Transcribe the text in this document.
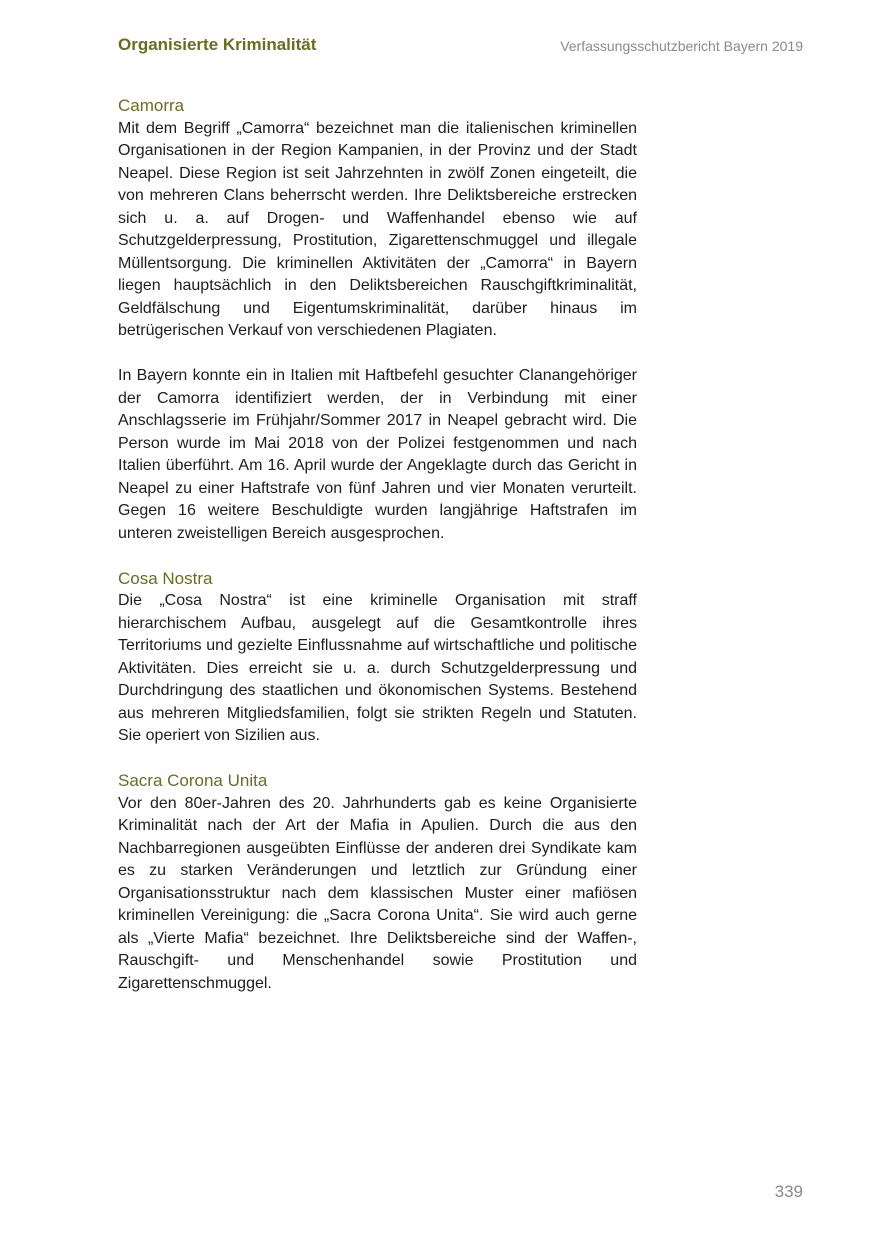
Organisierte Kriminalität	Verfassungsschutzbericht Bayern 2019
Camorra

Mit dem Begriff „Camorra“ bezeichnet man die italienischen kriminellen Organisationen in der Region Kampanien, in der Provinz und der Stadt Neapel. Diese Region ist seit Jahrzehnten in zwölf Zonen eingeteilt, die von mehreren Clans beherrscht werden. Ihre Deliktsbereiche erstrecken sich u. a. auf Drogen- und Waffenhandel ebenso wie auf Schutzgelderpressung, Prostitution, Zigarettenschmuggel und illegale Müllentsorgung. Die kriminellen Aktivitäten der „Camorra“ in Bayern liegen hauptsächlich in den Deliktsbereichen Rauschgiftkriminalität, Geldfälschung und Eigentumskriminalität, darüber hinaus im betrügerischen Verkauf von verschiedenen Plagiaten.

In Bayern konnte ein in Italien mit Haftbefehl gesuchter Clanangehöriger der Camorra identifiziert werden, der in Verbindung mit einer Anschlagsserie im Frühjahr/Sommer 2017 in Neapel gebracht wird. Die Person wurde im Mai 2018 von der Polizei festgenommen und nach Italien überführt. Am 16. April wurde der Angeklagte durch das Gericht in Neapel zu einer Haftstrafe von fünf Jahren und vier Monaten verurteilt. Gegen 16 weitere Beschuldigte wurden langjährige Haftstrafen im unteren zweistelligen Bereich ausgesprochen.

Cosa Nostra

Die „Cosa Nostra“ ist eine kriminelle Organisation mit straff hierarchischem Aufbau, ausgelegt auf die Gesamtkontrolle ihres Territoriums und gezielte Einflussnahme auf wirtschaftliche und politische Aktivitäten. Dies erreicht sie u. a. durch Schutzgelderpressung und Durchdringung des staatlichen und ökonomischen Systems. Bestehend aus mehreren Mitgliedsfamilien, folgt sie strikten Regeln und Statuten. Sie operiert von Sizilien aus.

Sacra Corona Unita

Vor den 80er-Jahren des 20. Jahrhunderts gab es keine Organisierte Kriminalität nach der Art der Mafia in Apulien. Durch die aus den Nachbarregionen ausgeübten Einflüsse der anderen drei Syndikate kam es zu starken Veränderungen und letztlich zur Gründung einer Organisationsstruktur nach dem klassischen Muster einer mafiösen kriminellen Vereinigung: die „Sacra Corona Unita“. Sie wird auch gerne als „Vierte Mafia“ bezeichnet. Ihre Deliktsbereiche sind der Waffen-, Rauschgift- und Menschenhandel sowie Prostitution und Zigarettenschmuggel.

339
